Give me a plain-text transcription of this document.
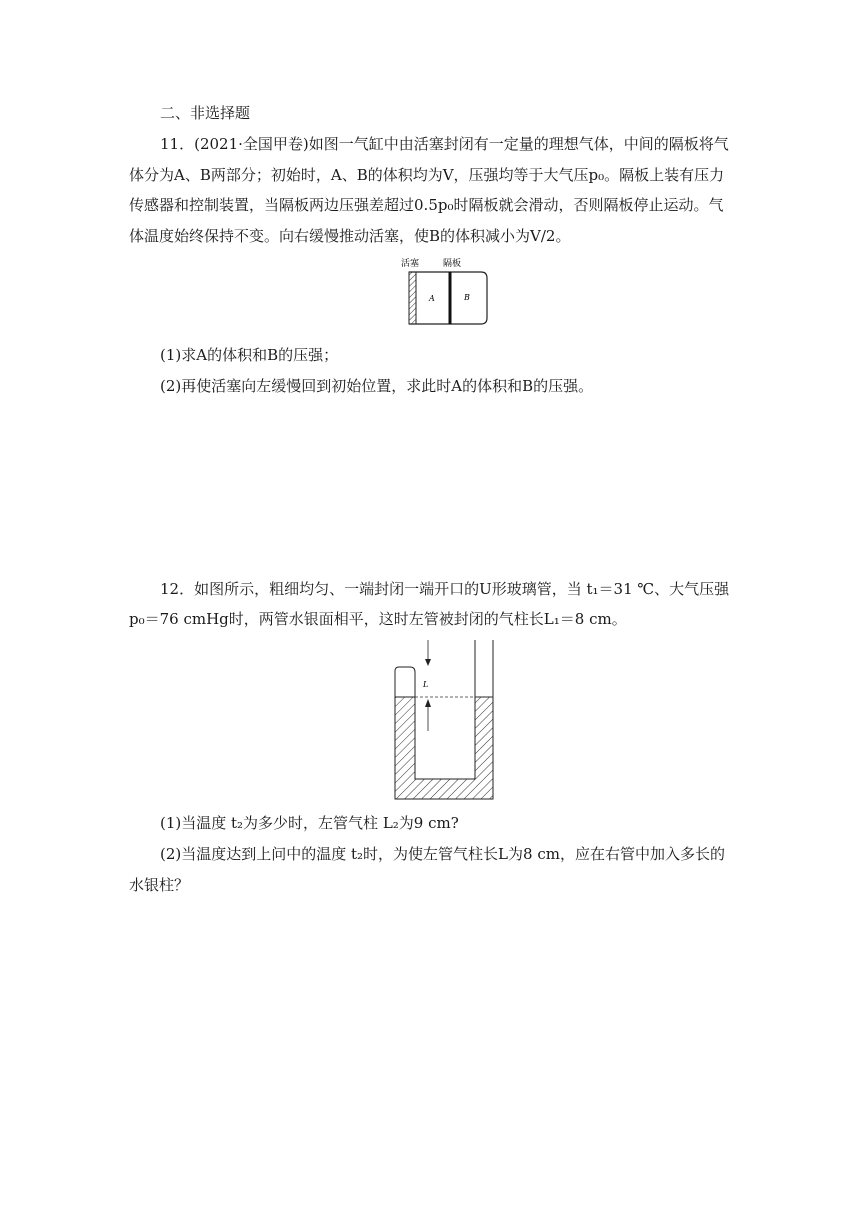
二、非选择题
11．(2021·全国甲卷)如图一气缸中由活塞封闭有一定量的理想气体，中间的隔板将气
体分为A、B两部分；初始时，A、B的体积均为V，压强均等于大气压p₀。隔板上装有压力
传感器和控制装置，当隔板两边压强差超过0.5p₀时隔板就会滑动，否则隔板停止运动。气
体温度始终保持不变。向右缓慢推动活塞，使B的体积减小为V/2。
活塞	隔板
A	B
(1)求A的体积和B的压强；
(2)再使活塞向左缓慢回到初始位置，求此时A的体积和B的压强。
12．如图所示，粗细均匀、一端封闭一端开口的U形玻璃管，当 t₁＝31 ℃、大气压强
p₀＝76 cmHg时，两管水银面相平，这时左管被封闭的气柱长L₁＝8 cm。
L
(1)当温度 t₂为多少时，左管气柱 L₂为9 cm?
(2)当温度达到上问中的温度 t₂时，为使左管气柱长L为8 cm，应在右管中加入多长的
水银柱？
